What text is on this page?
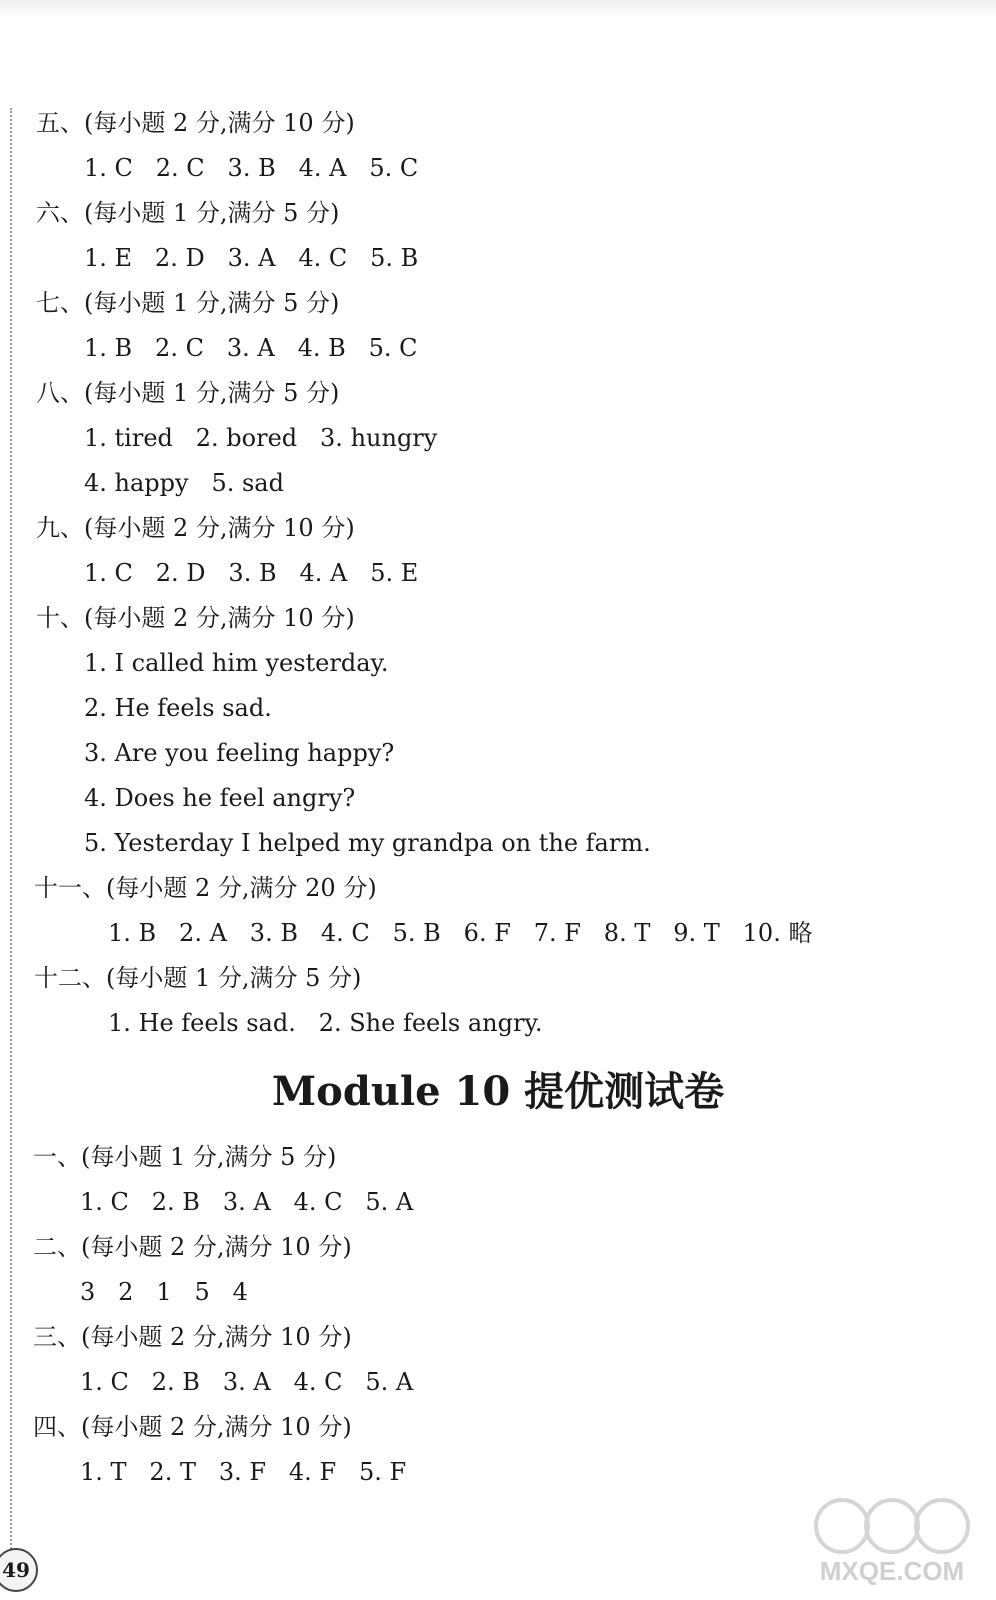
五、(每小题 2 分,满分 10 分)
1. C   2. C   3. B   4. A   5. C
六、(每小题 1 分,满分 5 分)
1. E   2. D   3. A   4. C   5. B
七、(每小题 1 分,满分 5 分)
1. B   2. C   3. A   4. B   5. C
八、(每小题 1 分,满分 5 分)
1. tired   2. bored   3. hungry
4. happy   5. sad
九、(每小题 2 分,满分 10 分)
1. C   2. D   3. B   4. A   5. E
十、(每小题 2 分,满分 10 分)
1. I called him yesterday.
2. He feels sad.
3. Are you feeling happy?
4. Does he feel angry?
5. Yesterday I helped my grandpa on the farm.
十一、(每小题 2 分,满分 20 分)
1. B   2. A   3. B   4. C   5. B   6. F   7. F   8. T   9. T   10. 略
十二、(每小题 1 分,满分 5 分)
1. He feels sad.   2. She feels angry.
一、(每小题 1 分,满分 5 分)
1. C   2. B   3. A   4. C   5. A
二、(每小题 2 分,满分 10 分)
3   2   1   5   4
三、(每小题 2 分,满分 10 分)
1. C   2. B   3. A   4. C   5. A
四、(每小题 2 分,满分 10 分)
1. T   2. T   3. F   4. F   5. F
Module 10 提优测试卷
49	MXQE.COM
